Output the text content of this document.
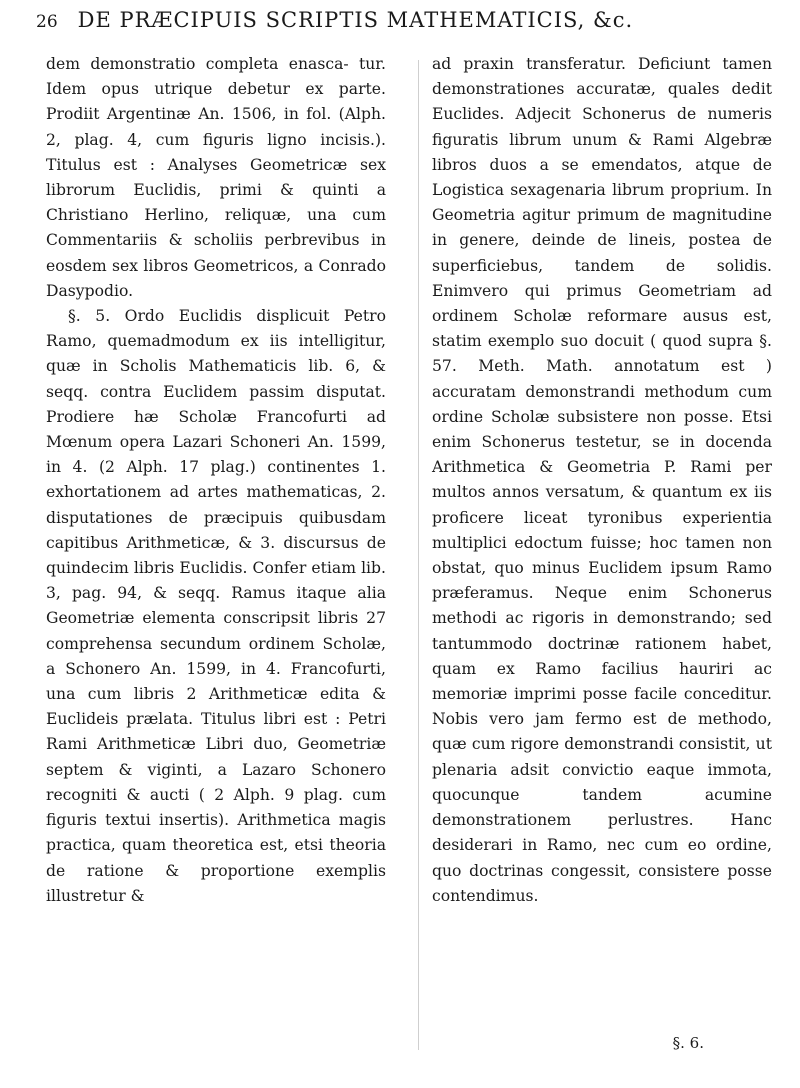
26 DE PRÆCIPUIS SCRIPTIS MATHEMATICIS, &c.

dem demonstratio completa enasca- tur. Idem opus utrique debetur ex parte. Prodiit Argentinæ An. 1506, in fol. (Alph. 2, plag. 4, cum figuris ligno incisis.). Titulus est : Analyses Geometricæ sex librorum Euclidis, primi & quinti a Christiano Herlino, reliquæ, una cum Commentariis & scholiis perbrevibus in eosdem sex libros Geometricos, a Conrado Dasypodio.

§. 5. Ordo Euclidis displicuit Petro Ramo, quemadmodum ex iis intelligitur, quæ in Scholis Mathematicis lib. 6, & seqq. contra Euclidem passim disputat. Prodiere hæ Scholæ Francofurti ad Mœnum opera Lazari Schoneri An. 1599, in 4. (2 Alph. 17 plag.) continentes 1. exhortationem ad artes mathematicas, 2. disputationes de præcipuis quibusdam capitibus Arithmeticæ, & 3. discursus de quindecim libris Euclidis. Confer etiam lib. 3, pag. 94, & seqq. Ramus itaque alia Geometriæ elementa conscripsit libris 27 comprehensa secundum ordinem Scholæ, a Schonero An. 1599, in 4. Francofurti, una cum libris 2 Arithmeticæ edita & Euclideis prælata. Titulus libri est : Petri Rami Arithmeticæ Libri duo, Geometriæ septem & viginti, a Lazaro Schonero recogniti & aucti ( 2 Alph. 9 plag. cum figuris textui insertis). Arithmetica magis practica, quam theoretica est, etsi theoria de ratione & proportione exemplis illustretur &

ad praxin transferatur. Deficiunt tamen demonstrationes accuratæ, quales dedit Euclides. Adjecit Schonerus de numeris figuratis librum unum & Rami Algebræ libros duos a se emendatos, atque de Logistica sexagenaria librum proprium. In Geometria agitur primum de magnitudine in genere, deinde de lineis, postea de superficiebus, tandem de solidis. Enimvero qui primus Geometriam ad ordinem Scholæ reformare ausus est, statim exemplo suo docuit ( quod supra §. 57. Meth. Math. annotatum est ) accuratam demonstrandi methodum cum ordine Scholæ subsistere non posse. Etsi enim Schonerus testetur, se in docenda Arithmetica & Geometria P. Rami per multos annos versatum, & quantum ex iis proficere liceat tyronibus experientia multiplici edoctum fuisse; hoc tamen non obstat, quo minus Euclidem ipsum Ramo præferamus. Neque enim Schonerus methodi ac rigoris in demonstrando; sed tantummodo doctrinæ rationem habet, quam ex Ramo facilius hauriri ac memoriæ imprimi posse facile conceditur. Nobis vero jam fermo est de methodo, quæ cum rigore demonstrandi consistit, ut plenaria adsit convictio eaque immota, quocunque tandem acumine demonstrationem perlustres. Hanc desiderari in Ramo, nec cum eo ordine, quo doctrinas congessit, consistere posse contendimus.

§. 6.
